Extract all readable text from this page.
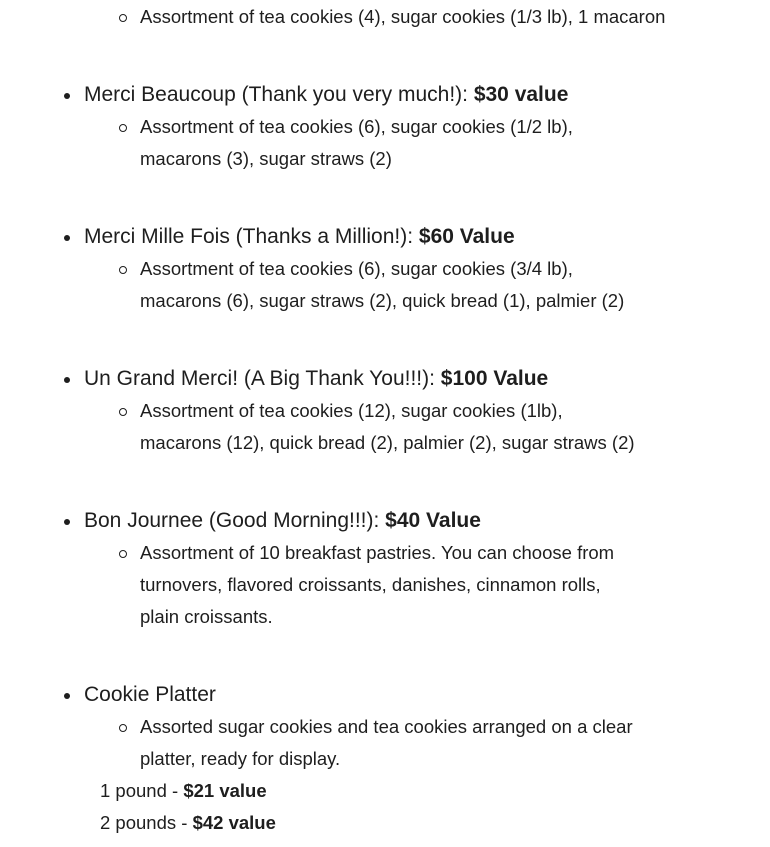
Assortment of tea cookies (4), sugar cookies (1/3 lb), 1 macaron
Merci Beaucoup (Thank you very much!): $30 value
Assortment of tea cookies (6), sugar cookies (1/2 lb),
macarons (3), sugar straws (2)
Merci Mille Fois (Thanks a Million!): $60 Value
Assortment of tea cookies (6), sugar cookies (3/4 lb),
macarons (6), sugar straws (2), quick bread (1), palmier (2)
Un Grand Merci! (A Big Thank You!!!): $100 Value
Assortment of tea cookies (12), sugar cookies (1lb),
macarons (12), quick bread (2), palmier (2), sugar straws (2)
Bon Journee (Good Morning!!!): $40 Value
Assortment of 10 breakfast pastries. You can choose from
turnovers, flavored croissants, danishes, cinnamon rolls,
plain croissants.
Cookie Platter
Assorted sugar cookies and tea cookies arranged on a clear
platter, ready for display.
1 pound - $21 value
2 pounds - $42 value
